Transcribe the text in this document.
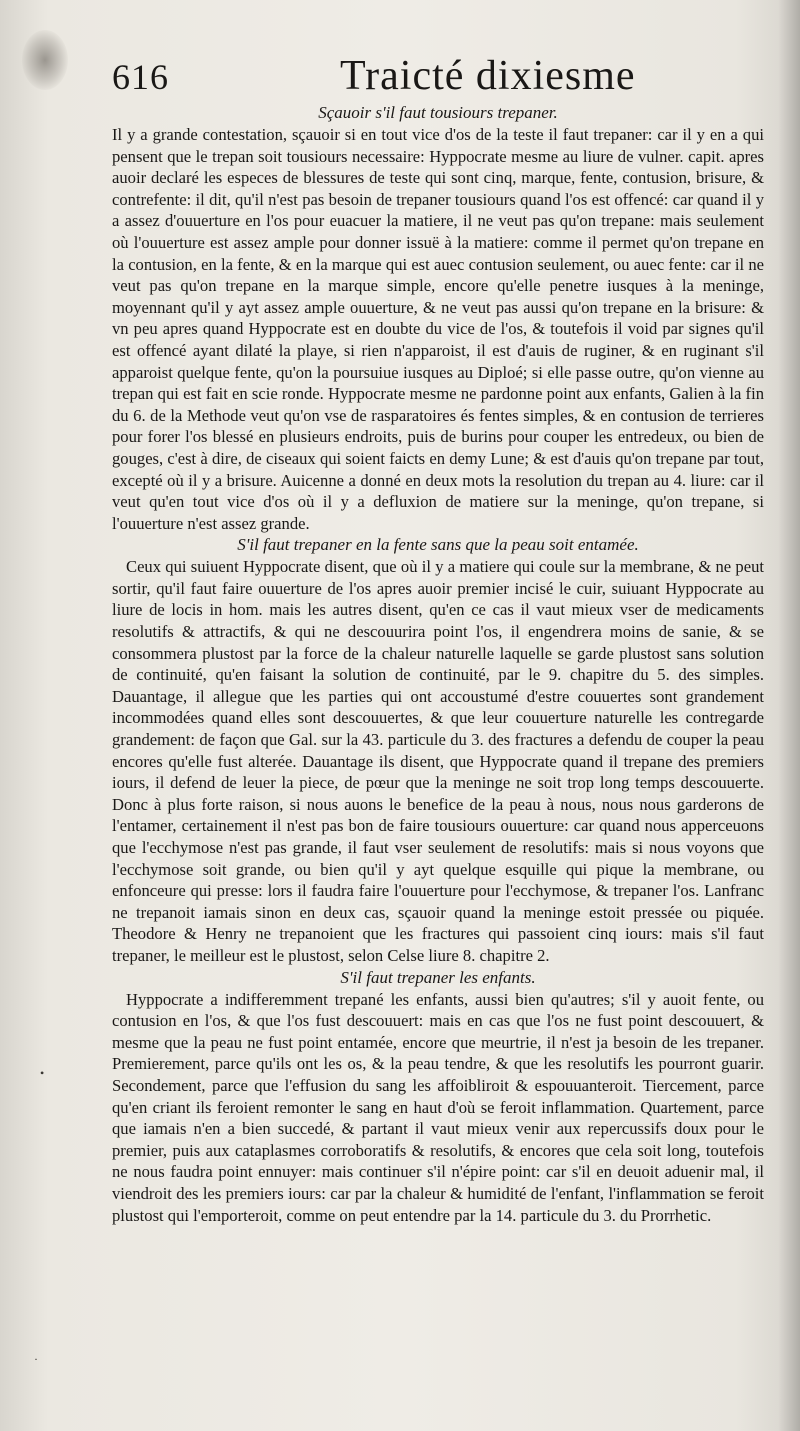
616	Traicté dixiesme

Sçauoir s'il faut tousiours trepaner.

Il y a grande contestation, sçauoir si en tout vice d'os de la teste il faut trepaner: car il y en a qui pensent que le trepan soit tousiours necessaire: Hyppocrate mesme au liure de vulner. capit. apres auoir declaré les especes de blessures de teste qui sont cinq, marque, fente, contusion, brisure, & contrefente: il dit, qu'il n'est pas besoin de trepaner tousiours quand l'os est offencé: car quand il y a assez d'ouuerture en l'os pour euacuer la matiere, il ne veut pas qu'on trepane: mais seulement où l'ouuerture est assez ample pour donner issuë à la matiere: comme il permet qu'on trepane en la contusion, en la fente, & en la marque qui est auec contusion seulement, ou auec fente: car il ne veut pas qu'on trepane en la marque simple, encore qu'elle penetre iusques à la meninge, moyennant qu'il y ayt assez ample ouuerture, & ne veut pas aussi qu'on trepane en la brisure: & vn peu apres quand Hyppocrate est en doubte du vice de l'os, & toutefois il void par signes qu'il est offencé ayant dilaté la playe, si rien n'apparoist, il est d'auis de ruginer, & en ruginant s'il apparoist quelque fente, qu'on la poursuiue iusques au Diploé; si elle passe outre, qu'on vienne au trepan qui est fait en scie ronde. Hyppocrate mesme ne pardonne point aux enfants, Galien à la fin du 6. de la Methode veut qu'on vse de rasparatoires és fentes simples, & en contusion de terrieres pour forer l'os blessé en plusieurs endroits, puis de burins pour couper les entredeux, ou bien de gouges, c'est à dire, de ciseaux qui soient faicts en demy Lune; & est d'auis qu'on trepane par tout, excepté où il y a brisure. Auicenne a donné en deux mots la resolution du trepan au 4. liure: car il veut qu'en tout vice d'os où il y a defluxion de matiere sur la meninge, qu'on trepane, si l'ouuerture n'est assez grande.

S'il faut trepaner en la fente sans que la peau soit entamée.

Ceux qui suiuent Hyppocrate disent, que où il y a matiere qui coule sur la membrane, & ne peut sortir, qu'il faut faire ouuerture de l'os apres auoir premier incisé le cuir, suiuant Hyppocrate au liure de locis in hom. mais les autres disent, qu'en ce cas il vaut mieux vser de medicaments resolutifs & attractifs, & qui ne descouurira point l'os, il engendrera moins de sanie, & se consommera plustost par la force de la chaleur naturelle laquelle se garde plustost sans solution de continuité, qu'en faisant la solution de continuité, par le 9. chapitre du 5. des simples. Dauantage, il allegue que les parties qui ont accoustumé d'estre couuertes sont grandement incommodées quand elles sont descouuertes, & que leur couuerture naturelle les contregarde grandement: de façon que Gal. sur la 43. particule du 3. des fractures a defendu de couper la peau encores qu'elle fust alterée. Dauantage ils disent, que Hyppocrate quand il trepane des premiers iours, il defend de leuer la piece, de pœur que la meninge ne soit trop long temps descouuerte. Donc à plus forte raison, si nous auons le benefice de la peau à nous, nous nous garderons de l'entamer, certainement il n'est pas bon de faire tousiours ouuerture: car quand nous apperceuons que l'ecchymose n'est pas grande, il faut vser seulement de resolutifs: mais si nous voyons que l'ecchymose soit grande, ou bien qu'il y ayt quelque esquille qui pique la membrane, ou enfonceure qui presse: lors il faudra faire l'ouuerture pour l'ecchymose, & trepaner l'os. Lanfranc ne trepanoit iamais sinon en deux cas, sçauoir quand la meninge estoit pressée ou piquée. Theodore & Henry ne trepanoient que les fractures qui passoient cinq iours: mais s'il faut trepaner, le meilleur est le plustost, selon Celse liure 8. chapitre 2.

S'il faut trepaner les enfants.

Hyppocrate a indifferemment trepané les enfants, aussi bien qu'autres; s'il y auoit fente, ou contusion en l'os, & que l'os fust descouuert: mais en cas que l'os ne fust point descouuert, & mesme que la peau ne fust point entamée, encore que meurtrie, il n'est ja besoin de les trepaner. Premierement, parce qu'ils ont les os, & la peau tendre, & que les resolutifs les pourront guarir. Secondement, parce que l'effusion du sang les affoibliroit & espouuanteroit. Tiercement, parce qu'en criant ils feroient remonter le sang en haut d'où se feroit inflammation. Quartement, parce que iamais n'en a bien succedé, & partant il vaut mieux venir aux repercussifs doux pour le premier, puis aux cataplasmes corroboratifs & resolutifs, & encores que cela soit long, toutefois ne nous faudra point ennuyer: mais continuer s'il n'épire point: car s'il en deuoit aduenir mal, il viendroit des les premiers iours: car par la chaleur & humidité de l'enfant, l'inflammation se feroit plustost qui l'emporteroit, comme on peut entendre par la 14. particule du 3. du Prorrhetic.

•
·
